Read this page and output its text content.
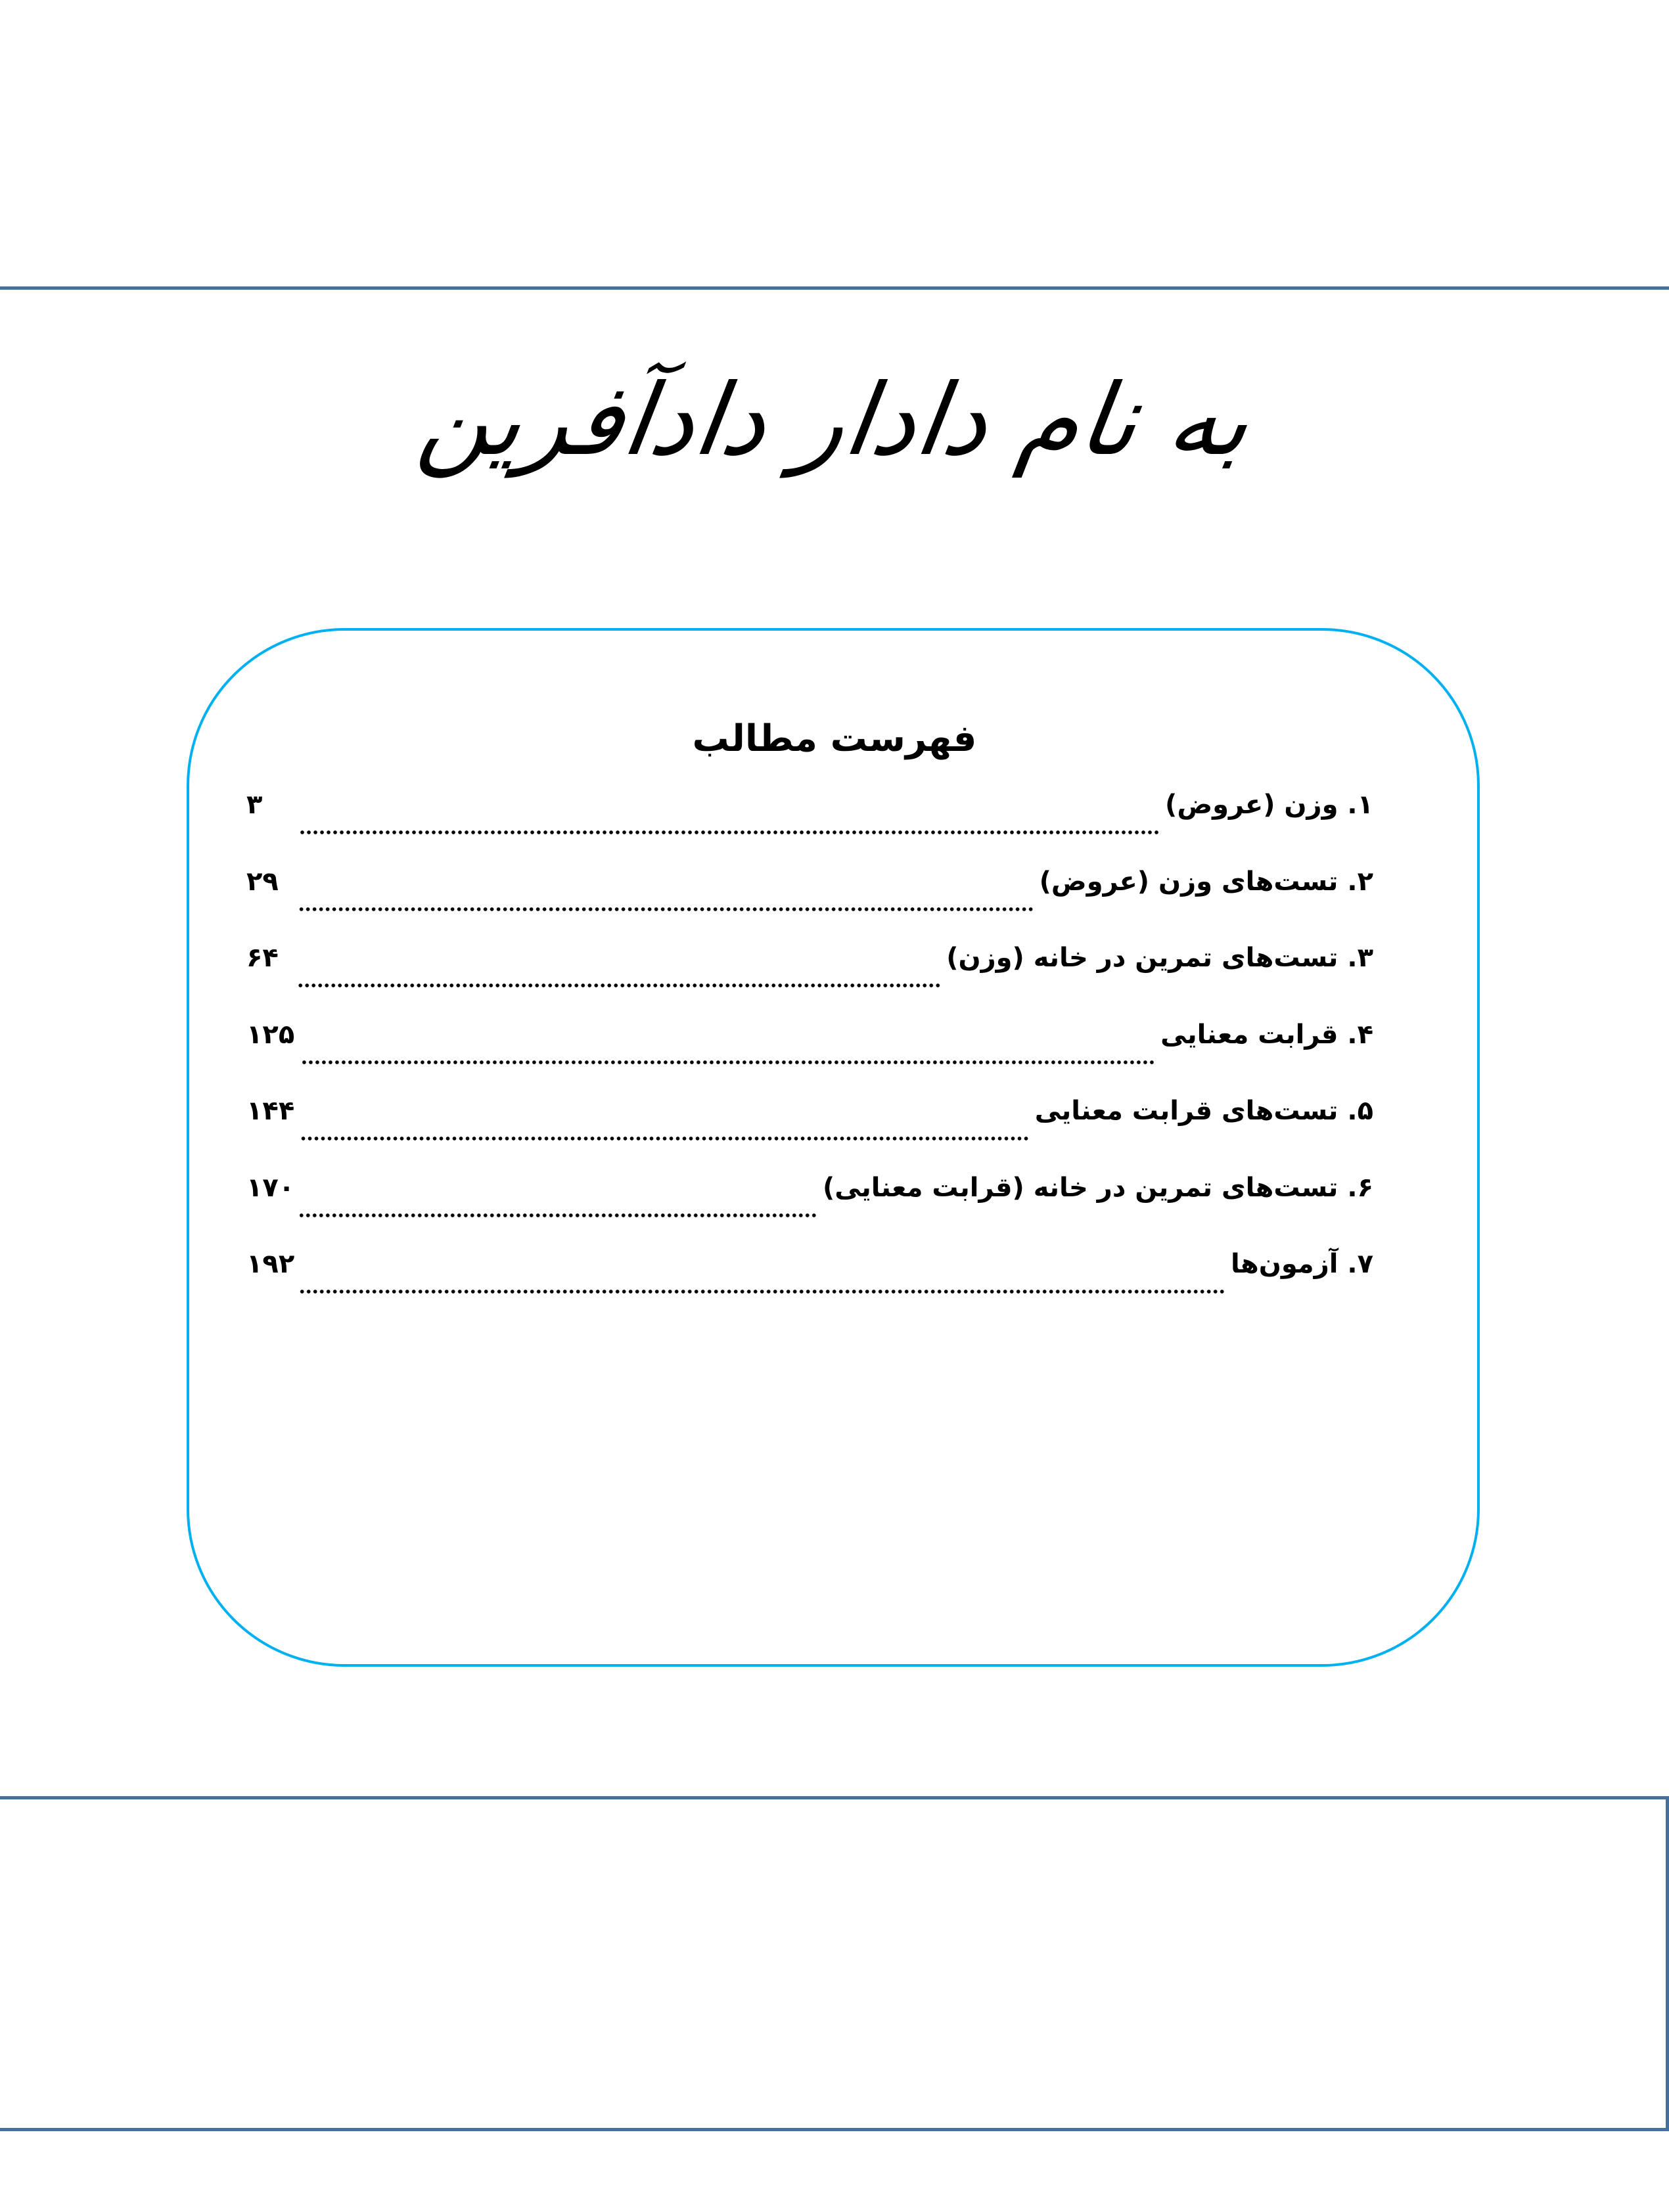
به نام دادار دادآفرین
فهرست مطالب
۱. وزن (عروض)
۳
۲. تست‌های وزن (عروض)
۲۹
۳. تست‌های تمرین در خانه (وزن)
۶۴
۴. قرابت معنایی
۱۲۵
۵. تست‌های قرابت معنایی
۱۴۴
۶. تست‌های تمرین در خانه (قرابت معنایی)
۱۷۰
۷. آزمون‌ها
۱۹۲
